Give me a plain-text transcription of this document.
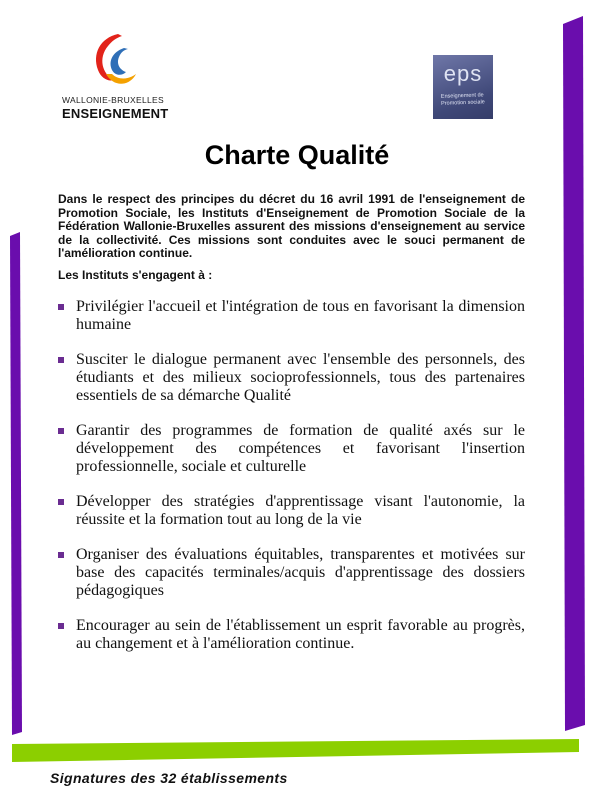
WALLONIE-BRUXELLES
ENSEIGNEMENT
eps
Enseignement de Promotion sociale
Charte Qualité
Dans le respect des principes du décret du 16 avril 1991 de l'enseignement de Promotion Sociale, les Instituts d'Enseignement de Promotion Sociale de la Fédération Wallonie-Bruxelles assurent des missions d'enseignement au service de la collectivité. Ces missions sont conduites avec le souci permanent de l'amélioration continue.
Les Instituts s'engagent à :
Privilégier l'accueil et l'intégration de tous en favorisant la dimension humaine
Susciter le dialogue permanent avec l'ensemble des personnels, des étudiants et des milieux socioprofessionnels, tous des partenaires essentiels de sa démarche Qualité
Garantir des programmes de formation de qualité axés sur le développement des compétences et favorisant l'insertion professionnelle, sociale et culturelle
Développer des stratégies d'apprentissage visant l'autonomie, la réussite et la formation tout au long de la vie
Organiser des évaluations équitables, transparentes et motivées sur base des capacités terminales/acquis d'apprentissage des dossiers pédagogiques
Encourager au sein de l'établissement un esprit favorable au progrès, au changement et à l'amélioration continue.
Signatures des 32 établissements
